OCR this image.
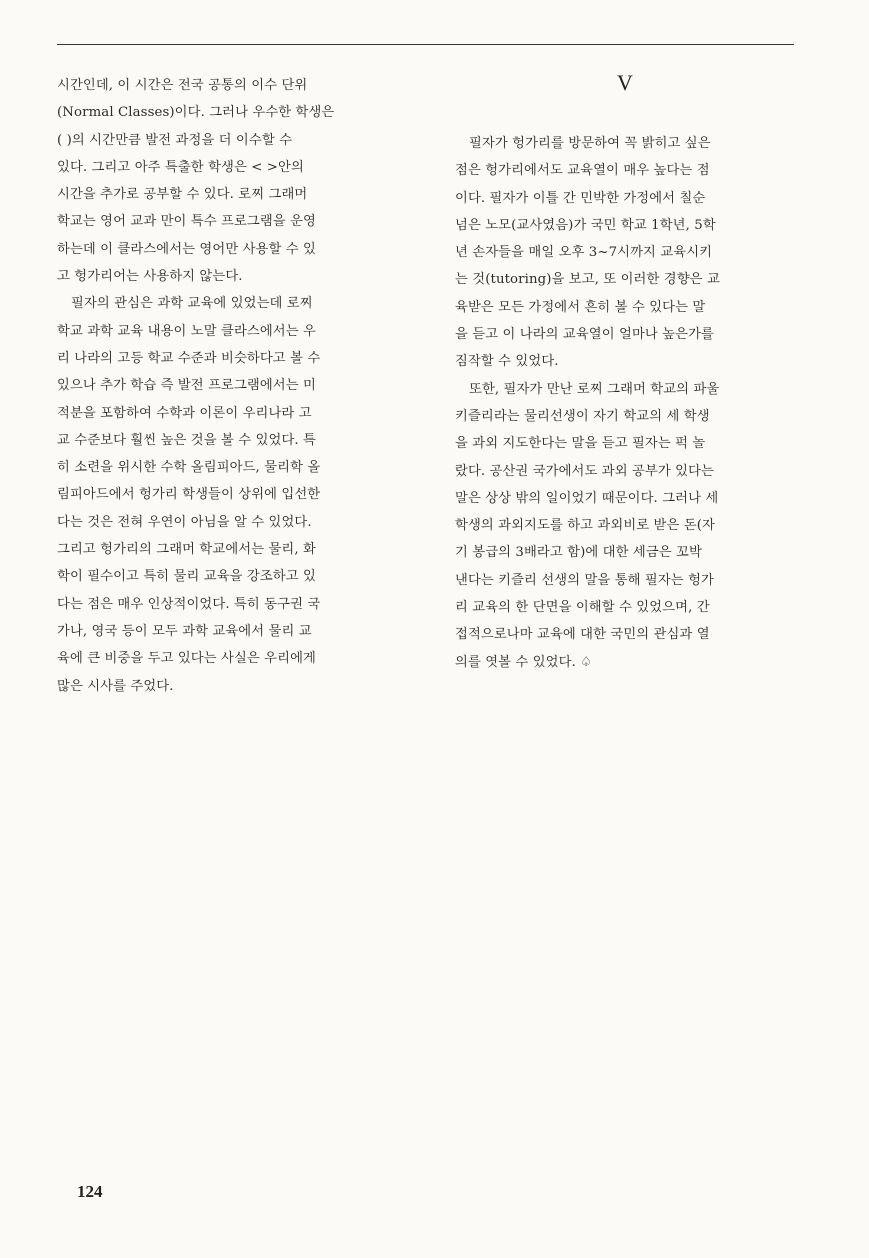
시간인데, 이 시간은 전국 공통의 이수 단위
(Normal Classes)이다. 그러나 우수한 학생은
( )의 시간만큼 발전 과정을 더 이수할 수
있다. 그리고 아주 특출한 학생은 < >안의
시간을 추가로 공부할 수 있다. 로찌 그래머
학교는 영어 교과 만이 특수 프로그램을 운영
하는데 이 클라스에서는 영어만 사용할 수 있
고 헝가리어는 사용하지 않는다.
필자의 관심은 과학 교육에 있었는데 로찌
학교 과학 교육 내용이 노말 클라스에서는 우
리 나라의 고등 학교 수준과 비슷하다고 볼 수
있으나 추가 학습 즉 발전 프로그램에서는 미
적분을 포함하여 수학과 이론이 우리나라 고
교 수준보다 훨씬 높은 것을 볼 수 있었다. 특
히 소련을 위시한 수학 올림피아드, 물리학 올
림피아드에서 헝가리 학생들이 상위에 입선한
다는 것은 전혀 우연이 아님을 알 수 있었다.
그리고 헝가리의 그래머 학교에서는 물리, 화
학이 필수이고 특히 물리 교육을 강조하고 있
다는 점은 매우 인상적이었다. 특히 동구권 국
가나, 영국 등이 모두 과학 교육에서 물리 교
육에 큰 비중을 두고 있다는 사실은 우리에게
많은 시사를 주었다.
V
필자가 헝가리를 방문하여 꼭 밝히고 싶은
점은 헝가리에서도 교육열이 매우 높다는 점
이다. 필자가 이틀 간 민박한 가정에서 칠순
넘은 노모(교사였음)가 국민 학교 1학년, 5학
년 손자들을 매일 오후 3~7시까지 교육시키
는 것(tutoring)을 보고, 또 이러한 경향은 교
육받은 모든 가정에서 흔히 볼 수 있다는 말
을 듣고 이 나라의 교육열이 얼마나 높은가를
짐작할 수 있었다.
또한, 필자가 만난 로찌 그래머 학교의 파울
키즐리라는 물리선생이 자기 학교의 세 학생
을 과외 지도한다는 말을 듣고 필자는 퍽 놀
랐다. 공산권 국가에서도 과외 공부가 있다는
말은 상상 밖의 일이었기 때문이다. 그러나 세
학생의 과외지도를 하고 과외비로 받은 돈(자
기 봉급의 3배라고 함)에 대한 세금은 꼬박
낸다는 키즐리 선생의 말을 통해 필자는 헝가
리 교육의 한 단면을 이해할 수 있었으며, 간
접적으로나마 교육에 대한 국민의 관심과 열
의를 엿볼 수 있었다. ♤
124
